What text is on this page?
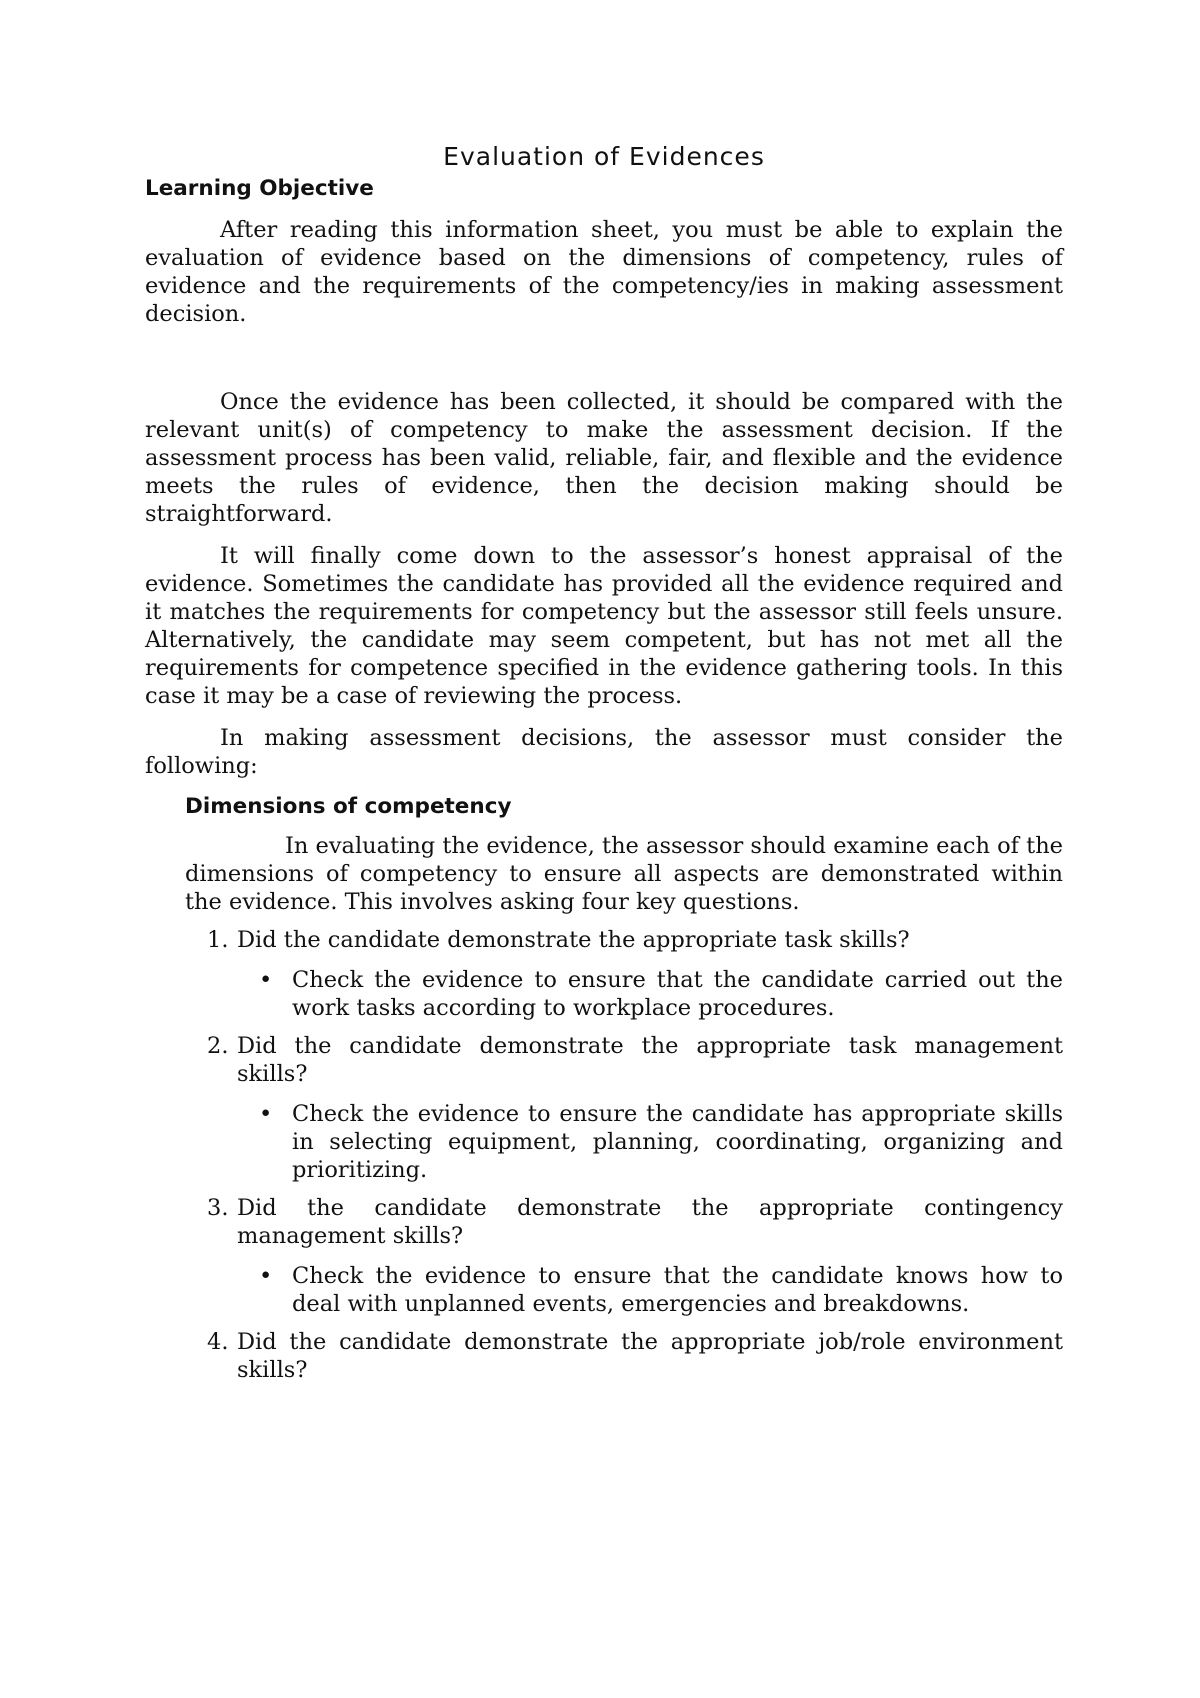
Evaluation of Evidences
Learning Objective

After reading this information sheet, you must be able to explain the evaluation of evidence based on the dimensions of competency, rules of evidence and the requirements of the competency/ies in making assessment decision.

Once the evidence has been collected, it should be compared with the relevant unit(s) of competency to make the assessment decision. If the assessment process has been valid, reliable, fair, and flexible and the evidence meets the rules of evidence, then the decision making should be straightforward.

It will finally come down to the assessor’s honest appraisal of the evidence. Sometimes the candidate has provided all the evidence required and it matches the requirements for competency but the assessor still feels unsure. Alternatively, the candidate may seem competent, but has not met all the requirements for competence specified in the evidence gathering tools. In this case it may be a case of reviewing the process.

In making assessment decisions, the assessor must consider the following:

Dimensions of competency

In evaluating the evidence, the assessor should examine each of the dimensions of competency to ensure all aspects are demonstrated within the evidence. This involves asking four key questions.

1. Did the candidate demonstrate the appropriate task skills?
• Check the evidence to ensure that the candidate carried out the work tasks according to workplace procedures.
2. Did the candidate demonstrate the appropriate task management skills?
• Check the evidence to ensure the candidate has appropriate skills in selecting equipment, planning, coordinating, organizing and prioritizing.
3. Did the candidate demonstrate the appropriate contingency management skills?
• Check the evidence to ensure that the candidate knows how to deal with unplanned events, emergencies and breakdowns.
4. Did the candidate demonstrate the appropriate job/role environment skills?
